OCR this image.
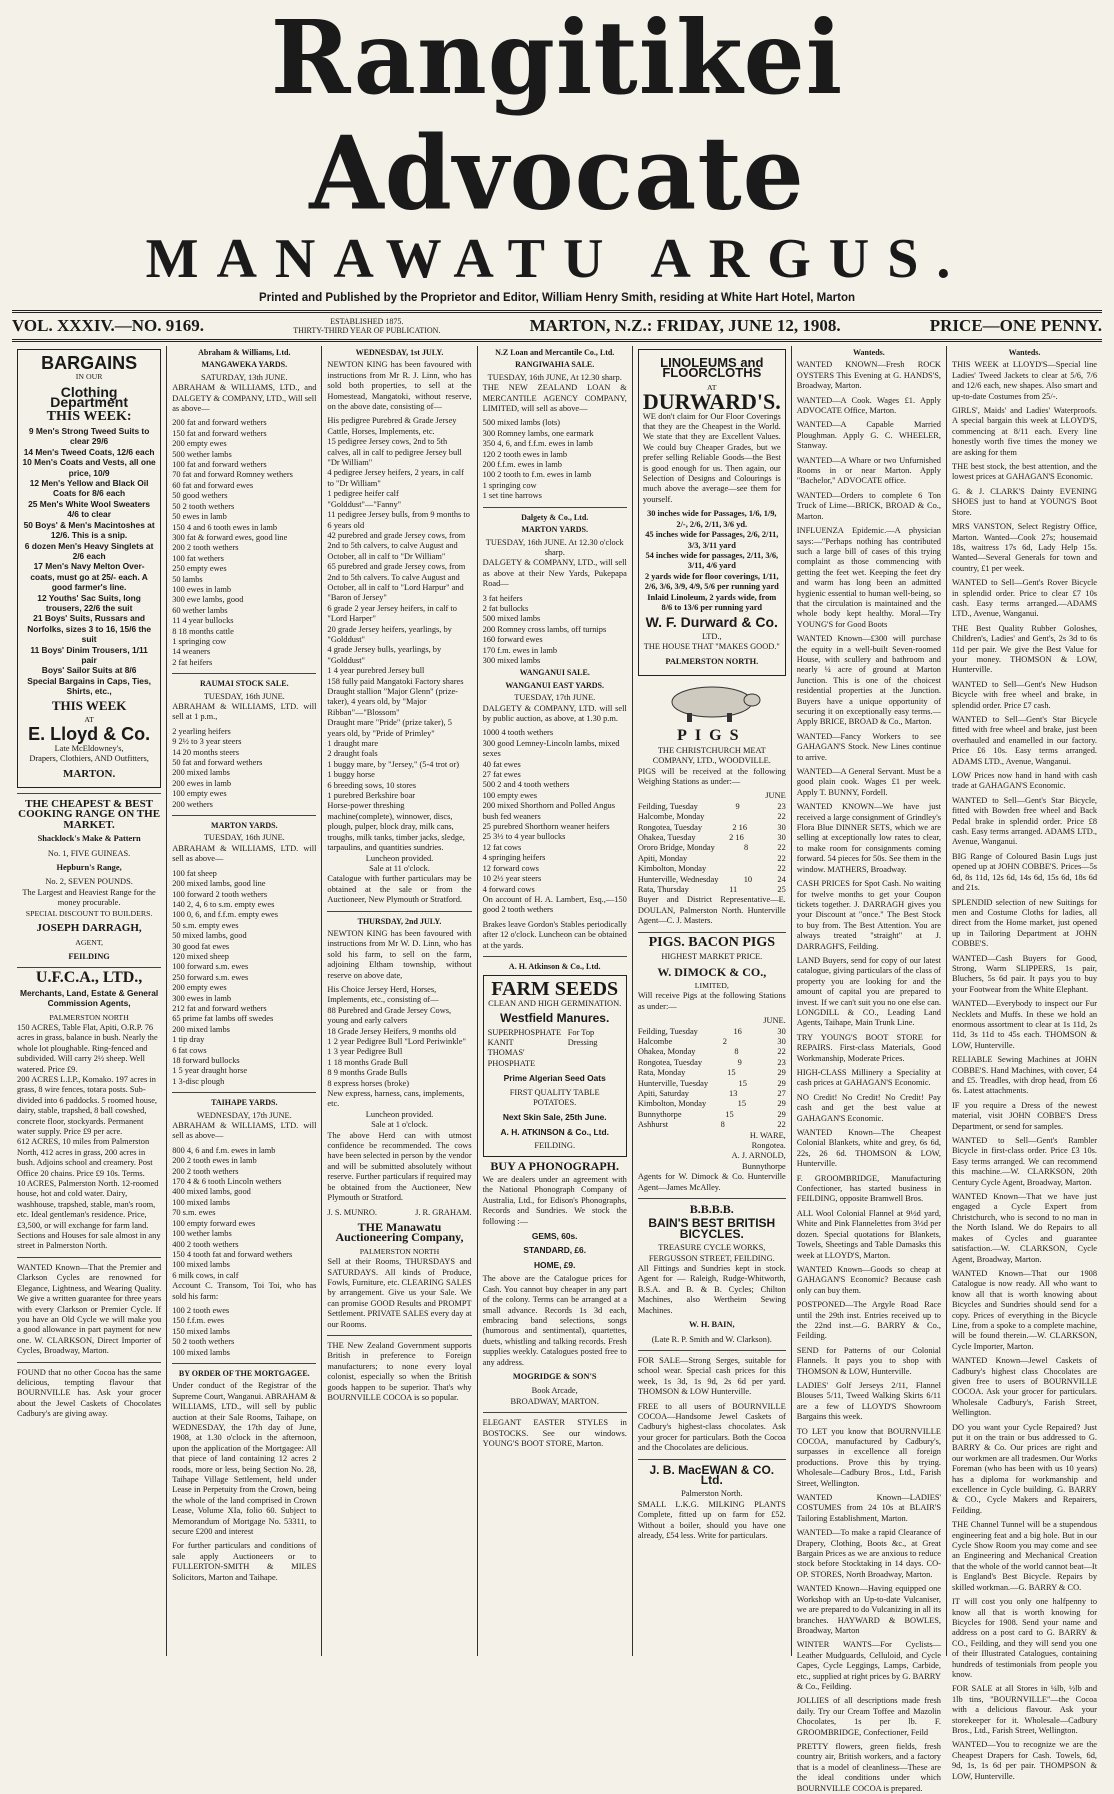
Rangitikei Advocate
MANAWATU ARGUS.
Printed and Published by the Proprietor and Editor, William Henry Smith, residing at White Hart Hotel, Marton
VOL. XXXIV.—NO. 9169.	ESTABLISHED 1875.
THIRTY-THIRD YEAR OF PUBLICATION.	MARTON, N.Z.: FRIDAY, JUNE 12, 1908.	PRICE—ONE PENNY.
BARGAINS
IN OUR
Clothing Department
THIS WEEK:
9 Men's Strong Tweed Suits to clear 29/6
14 Men's Tweed Coats, 12/6 each
10 Men's Coats and Vests, all one price, 10/9
12 Men's Yellow and Black Oil Coats for 8/6 each
25 Men's White Wool Sweaters 4/6 to clear
50 Boys' & Men's Macintoshes at 12/6. This is a snip.
6 dozen Men's Heavy Singlets at 2/6 each
17 Men's Navy Melton Over-coats, must go at 25/- each. A good farmer's line.
12 Youths' Sac Suits, long trousers, 22/6 the suit
21 Boys' Suits, Russars and Norfolks, sizes 3 to 16, 15/6 the suit
11 Boys' Dinim Trousers, 1/11 pair
Boys' Sailor Suits at 8/6
Special Bargains in Caps, Ties, Shirts, etc.,
THIS WEEK
AT
E. Lloyd & Co.
Late McEldowney's,
Drapers, Clothiers, AND Outfitters,
MARTON.
THE CHEAPEST & BEST COOKING RANGE ON THE MARKET.
Shacklock's Make & Pattern
No. 1, FIVE GUINEAS.
Hepburn's Range,
No. 2, SEVEN POUNDS.
The Largest and Heaviest Range for the money procurable.
SPECIAL DISCOUNT TO BUILDERS.
JOSEPH DARRAGH,
AGENT,
FEILDING
U.F.C.A., LTD.,
Merchants, Land, Estate & General Commission Agents,
PALMERSTON NORTH
150 ACRES, Table Flat, Apiti, O.R.P. 76 acres in grass, balance in bush. Nearly the whole lot ploughable. Ring-fenced and subdivided. Will carry 2½ sheep. Well watered. Price £9.
200 ACRES L.I.P., Komako. 197 acres in grass, 8 wire fences, totara posts. Sub-divided into 6 paddocks. 5 roomed house, dairy, stable, trapshed, 8 ball cowshed, concrete floor, stockyards. Permanent water supply. Price £9 per acre.
612 ACRES, 10 miles from Palmerston North, 412 acres in grass, 200 acres in bush. Adjoins school and creamery. Post Office 20 chains. Price £9 10s. Terms.
10 ACRES, Palmerston North. 12-roomed house, hot and cold water. Dairy, washhouse, trapshed, stable, man's room, etc. Ideal gentleman's residence. Price, £3,500, or will exchange for farm land.
Sections and Houses for sale almost in any street in Palmerston North.

WANTED Known—That the Premier and Clarkson Cycles are renowned for Elegance, Lightness, and Wearing Quality. We give a written guarantee for three years with every Clarkson or Premier Cycle. If you have an Old Cycle we will make you a good allowance in part payment for new one. W. CLARKSON, Direct Importer of Cycles, Broadway, Marton.

FOUND that no other Cocoa has the same delicious, tempting flavour that BOURNVILLE has. Ask your grocer about the Jewel Caskets of Chocolates Cadbury's are giving away.

Abraham & Williams, Ltd.
MANGAWEKA YARDS.
SATURDAY, 13th JUNE.

ABRAHAM & WILLIAMS, LTD., and DALGETY & COMPANY, LTD., Will sell as above—

200 fat and forward wethers
150 fat and forward wethers
200 empty ewes
500 wether lambs
100 fat and forward wethers
70 fat and forward Romney wethers
60 fat and forward ewes
50 good wethers
50 2 tooth wethers
50 ewes in lamb
150 4 and 6 tooth ewes in lamb
300 fat & forward ewes, good line
200 2 tooth wethers
100 fat wethers
250 empty ewes
50 lambs
100 ewes in lamb
300 ewe lambs, good
60 wether lambs
11 4 year bullocks
8 18 months cattle
1 springing cow
14 weaners
2 fat heifers
RAUMAI STOCK SALE.
TUESDAY, 16th JUNE.

ABRAHAM & WILLIAMS, LTD. will sell at 1 p.m.,

2 yearling heifers
9 2½ to 3 year steers
14 20 months steers
50 fat and forward wethers
200 mixed lambs
200 ewes in lamb
100 empty ewes
200 wethers
MARTON YARDS.
TUESDAY, 16th JUNE.

ABRAHAM & WILLIAMS, LTD. will sell as above—

100 fat sheep
200 mixed lambs, good line
100 forward 2 tooth wethers
140 2, 4, 6 to s.m. empty ewes
100 0, 6, and f.f.m. empty ewes
50 s.m. empty ewes
50 mixed lambs, good
30 good fat ewes
120 mixed sheep
100 forward s.m. ewes
250 forward s.m. ewes
200 empty ewes
300 ewes in lamb
212 fat and forward wethers
65 prime fat lambs off swedes
200 mixed lambs
1 tip dray
6 fat cows
18 forward bullocks
1 5 year draught horse
1 3-disc plough
TAIHAPE YARDS.
WEDNESDAY, 17th JUNE.

ABRAHAM & WILLIAMS, LTD. will sell as above—

800 4, 6 and f.m. ewes in lamb
200 2 tooth ewes in lamb
200 2 tooth wethers
170 4 & 6 tooth Lincoln wethers
400 mixed lambs, good
100 mixed lambs
70 s.m. ewes
100 empty forward ewes
100 wether lambs
400 2 tooth wethers
150 4 tooth fat and forward wethers
100 mixed lambs
6 milk cows, in calf

Account C. Transom, Toi Toi, who has sold his farm:

100 2 tooth ewes
150 f.f.m. ewes
150 mixed lambs
50 2 tooth wethers
100 mixed lambs
BY ORDER OF THE MORTGAGEE.

Under conduct of the Registrar of the Supreme Court, Wanganui. ABRAHAM & WILLIAMS, LTD., will sell by public auction at their Sale Rooms, Taihape, on WEDNESDAY, the 17th day of June, 1908, at 1.30 o'clock in the afternoon, upon the application of the Mortgagee: All that piece of land containing 12 acres 2 roods, more or less, being Section No. 28, Taihape Village Settlement, held under Lease in Perpetuity from the Crown, being the whole of the land comprised in Crown Lease, Volume XIa, folio 60. Subject to Memorandum of Mortgage No. 53311, to secure £200 and interest

For further particulars and conditions of sale apply Auctioneers or to FULLERTON-SMITH & MILES Solicitors, Marton and Taihape.

WEDNESDAY, 1st JULY.

NEWTON KING has been favoured with instructions from Mr R. J. Linn, who has sold both properties, to sell at the Homestead, Mangatoki, without reserve, on the above date, consisting of—

His pedigree Purebred & Grade Jersey Cattle, Horses, Implements, etc.
15 pedigree Jersey cows, 2nd to 5th calves, all in calf to pedigree Jersey bull "Dr William"
4 pedigree Jersey heifers, 2 years, in calf to "Dr William"
1 pedigree heifer calf "Golddust"—"Fanny"
11 pedigree Jersey bulls, from 9 months to 6 years old
42 purebred and grade Jersey cows, from 2nd to 5th calvers, to calve August and October, all in calf to "Dr William"
65 purebred and grade Jersey cows, from 2nd to 5th calvers. To calve August and October, all in calf to "Lord Harpur" and "Baron of Jersey"
6 grade 2 year Jersey heifers, in calf to "Lord Harper"
20 grade Jersey heifers, yearlings, by "Golddust"
4 grade Jersey bulls, yearlings, by "Golddust"
1 4 year purebred Jersey bull
158 fully paid Mangatoki Factory shares
Draught stallion "Major Glenn" (prize-taker), 4 years old, by "Major Ribban"—"Blossom"
Draught mare "Pride" (prize taker), 5 years old, by "Pride of Primley"
1 draught mare
2 draught foals
1 buggy mare, by "Jersey," (5-4 trot or)
1 buggy horse
6 breeding sows, 10 stores
1 purebred Berkshire boar
Horse-power threshing machine(complete), winnower, discs, plough, pulper, block dray, milk cans, troughs, milk tanks, timber jacks, sledge, tarpaulins, and quantities sundries.
Luncheon provided.
Sale at 11 o'clock.

Catalogue with further particulars may be obtained at the sale or from the Auctioneer, New Plymouth or Stratford.

THURSDAY, 2nd JULY.

NEWTON KING has been favoured with instructions from Mr W. D. Linn, who has sold his farm, to sell on the farm, adjoining Eltham township, without reserve on above date,

His Choice Jersey Herd, Horses, Implements, etc., consisting of—
88 Purebred and Grade Jersey Cows, young and early calvers
18 Grade Jersey Heifers, 9 months old
1 2 year Pedigree Bull "Lord Periwinkle"
1 3 year Pedigree Bull
1 18 months Grade Bull
8 9 months Grade Bulls
8 express horses (broke)
New express, harness, cans, implements, etc.
Luncheon provided.
Sale at 1 o'clock.

The above Herd can with utmost confidence be recommended. The cows have been selected in person by the vendor and will be submitted absolutely without reserve. Further particulars if required may be obtained from the Auctioneer, New Plymouth or Stratford.

J. S. MUNRO.	J. R. GRAHAM.
THE Manawatu Auctioneering Company,
PALMERSTON NORTH

Sell at their Rooms, THURSDAYS and SATURDAYS. All kinds of Produce, Fowls, Furniture, etc. CLEARING SALES by arrangement. Give us your Sale. We can promise GOOD Results and PROMPT Settlement. PRIVATE SALES every day at our Rooms.

THE New Zealand Government supports British in preference to Foreign manufacturers; to none every loyal colonist, especially so when the British goods happen to be superior. That's why BOURNVILLE COCOA is so popular.

N.Z Loan and Mercantile Co., Ltd.
RANGIWAHIA SALE.
TUESDAY, 16th JUNE, At 12.30 sharp.

THE NEW ZEALAND LOAN & MERCANTILE AGENCY COMPANY, LIMITED, will sell as above—

500 mixed lambs (lots)
300 Romney lambs, one earmark
350 4, 6, and f.f.m. ewes in lamb
120 2 tooth ewes in lamb
200 f.f.m. ewes in lamb
100 2 tooth to f.m. ewes in lamb
1 springing cow
1 set tine harrows
Dalgety & Co., Ltd.
MARTON YARDS.
TUESDAY, 16th JUNE. At 12.30 o'clock sharp.

DALGETY & COMPANY, LTD., will sell as above at their New Yards, Pukepapa Road—

3 fat heifers
2 fat bullocks
500 mixed lambs
200 Romney cross lambs, off turnips
160 forward ewes
170 f.m. ewes in lamb
300 mixed lambs
WANGANUI SALE.
WANGANUI EAST YARDS.
TUESDAY, 17th JUNE.

DALGETY & COMPANY, LTD. will sell by public auction, as above, at 1.30 p.m.

1000 4 tooth wethers
300 good Lemney-Lincoln lambs, mixed sexes
40 fat ewes
27 fat ewes
500 2 and 4 tooth wethers
100 empty ewes
200 mixed Shorthorn and Polled Angus bush fed weaners
25 purebred Shorthorn weaner heifers
25 3½ to 4 year bullocks
12 fat cows
4 springing heifers
12 forward cows
10 2½ year steers
4 forward cows

On account of H. A. Lambert, Esq.,—150 good 2 tooth wethers

Brakes leave Gordon's Stables periodically after 12 o'clock. Luncheon can be obtained at the yards.

A. H. Atkinson & Co., Ltd.
FARM SEEDS
CLEAN AND HIGH GERMINATION.
Westfield Manures.
SUPERPHOSPHATE
KANIT
THOMAS' PHOSPHATE
For Top Dressing
Prime Algerian Seed Oats
FIRST QUALITY TABLE POTATOES.
Next Skin Sale, 25th June.
A. H. ATKINSON & Co., Ltd.
FEILDING.
BUY A PHONOGRAPH.

We are dealers under an agreement with the National Phonograph Company of Australia, Ltd., for Edison's Phonographs, Records and Sundries. We stock the following :—

GEMS, 60s.
STANDARD, £6.
HOME, £9.

The above are the Catalogue prices for Cash. You cannot buy cheaper in any part of the colony. Terms can be arranged at a small advance. Records 1s 3d each, embracing band selections, songs (humorous and sentimental), quartettes, duets, whistling and talking records. Fresh supplies weekly. Catalogues posted free to any address.

MOGRIDGE & SON'S
Book Arcade,
BROADWAY, MARTON.

ELEGANT EASTER STYLES in BOSTOCKS. See our windows. YOUNG'S BOOT STORE, Marton.

LINOLEUMS and FLOORCLOTHS
AT
DURWARD'S.

WE don't claim for Our Floor Coverings that they are the Cheapest in the World. We state that they are Excellent Values. We could buy Cheaper Grades, but we prefer selling Reliable Goods—the Best is good enough for us. Then again, our Selection of Designs and Colourings is much above the average—see them for yourself.

30 inches wide for Passages, 1/6, 1/9, 2/-, 2/6, 2/11, 3/6 yd.
45 inches wide for Passages, 2/6, 2/11, 3/3, 3/11 yard
54 inches wide for passages, 2/11, 3/6, 3/11, 4/6 yard
2 yards wide for floor coverings, 1/11, 2/6, 3/6, 3/9, 4/9, 5/6 per running yard
Inlaid Linoleum, 2 yards wide, from 8/6 to 13/6 per running yard
W. F. Durward & Co.
LTD.,
THE HOUSE THAT "MAKES GOOD."
PALMERSTON NORTH.
PIGS
THE CHRISTCHURCH MEAT COMPANY, LTD., WOODVILLE.

PIGS will be received at the following Weighing Stations as under:—

JUNE
Feilding, Tuesday	9	23
Halcombe, Monday	22
Rongotea, Tuesday	2 16	30
Ohakea, Tuesday	2 16	30
Ororo Bridge, Monday	8	22
Apiti, Monday	22
Kimbolton, Monday	22
Hunterville, Wednesday	10	24
Rata, Thursday	11	25

Buyer and District Representative—E. DOULAN, Palmerston North. Hunterville Agent—C. J. Masters.

PIGS. BACON PIGS
HIGHEST MARKET PRICE.
W. DIMOCK & CO.,
LIMITED,

Will receive Pigs at the following Stations as under:—

JUNE.
Feilding, Tuesday	16	30
Halcombe	2	30
Ohakea, Monday	8	22
Rongotea, Tuesday	9	23
Rata, Monday	15	29
Hunterville, Tuesday	15	29
Apiti, Saturday	13	27
Kimbolton, Monday	15	29
Bunnythorpe	15	29
Ashhurst	8	22
H. WARE,
Rongotea.
A. J. ARNOLD,
Bunnythorpe

Agents for W. Dimock & Co. Hunterville Agent—James McAlley.

B.B.B.B.
BAIN'S BEST BRITISH BICYCLES.
TREASURE CYCLE WORKS, FERGUSSON STREET, FEILDING.

All Fittings and Sundries kept in stock. Agent for — Raleigh, Rudge-Whitworth, B.S.A. and B. & B. Cycles; Chilton Machines, also Wertheim Sewing Machines.

W. H. BAIN,
(Late R. P. Smith and W. Clarkson).

FOR SALE—Strong Serges, suitable for school wear. Special cash prices for this week, 1s 3d, 1s 9d, 2s 6d per yard. THOMSON & LOW Hunterville.

FREE to all users of BOURNVILLE COCOA—Handsome Jewel Caskets of Cadbury's highest-class chocolates. Ask your grocer for particulars. Both the Cocoa and the Chocolates are delicious.

J. B. MacEWAN & CO. Ltd.
Palmerston North.

SMALL L.K.G. MILKING PLANTS Complete, fitted up on farm for £52. Without a boiler, should you have one already, £54 less. Write for particulars.

Wanteds.

WANTED KNOWN—Fresh ROCK OYSTERS This Evening at G. HANDS'S, Broadway, Marton.

WANTED—A Cook. Wages £1. Apply ADVOCATE Office, Marton.

WANTED—A Capable Married Ploughman. Apply G. C. WHEELER, Stanway.

WANTED—A Whare or two Unfurnished Rooms in or near Marton. Apply "Bachelor," ADVOCATE office.

WANTED—Orders to complete 6 Ton Truck of Lime—BRICK, BROAD & Co., Marton.

INFLUENZA Epidemic.—A physician says:—"Perhaps nothing has contributed such a large bill of cases of this trying complaint as those commencing with getting the feet wet. Keeping the feet dry and warm has long been an admitted hygienic essential to human well-being, so that the circulation is maintained and the whole body kept healthy. Moral—Try YOUNG'S for Good Boots

WANTED Known—£300 will purchase the equity in a well-built Seven-roomed House, with scullery and bathroom and nearly ¼ acre of ground at Marton Junction. This is one of the choicest residential properties at the Junction. Buyers have a unique opportunity of securing it on exceptionally easy terms.—Apply BRICE, BROAD & Co., Marton.

WANTED—Fancy Workers to see GAHAGAN'S Stock. New Lines continue to arrive.

WANTED—A General Servant. Must be a good plain cook. Wages £1 per week. Apply T. BUNNY, Fordell.

WANTED KNOWN—We have just received a large consignment of Grindley's Flora Blue DINNER SETS, which we are selling at exceptionally low rates to clear, to make room for consignments coming forward. 54 pieces for 50s. See them in the window. MATHERS, Broadway.

CASH PRICES for Spot Cash. No waiting for twelve months to get your Coupon tickets together. J. DARRAGH gives you your Discount at "once." The Best Stock to buy from. The Best Attention. You are always treated "straight" at J. DARRAGH'S, Feilding.

LAND Buyers, send for copy of our latest catalogue, giving particulars of the class of property you are looking for and the amount of capital you are prepared to invest. If we can't suit you no one else can. LONGDILL & CO., Leading Land Agents, Taihape, Main Trunk Line.

TRY YOUNG'S BOOT STORE for REPAIRS. First-class Materials, Good Workmanship, Moderate Prices.

HIGH-CLASS Millinery a Speciality at cash prices at GAHAGAN'S Economic.

NO Credit! No Credit! No Credit! Pay cash and get the best value at GAHAGAN'S Economic.

WANTED Known—The Cheapest Colonial Blankets, white and grey, 6s 6d, 22s, 26 6d. THOMSON & LOW, Hunterville.

F. GROOMBRIDGE, Manufacturing Confectioner, has started business in FEILDING, opposite Bramwell Bros.

ALL Wool Colonial Flannel at 9½d yard, White and Pink Flannelettes from 3½d per dozen. Special quotations for Blankets, Towels, Sheetings and Table Damasks this week at LLOYD'S, Marton.

WANTED Known—Goods so cheap at GAHAGAN'S Economic? Because cash only can buy them.

POSTPONED—The Argyle Road Race until the 29th inst. Entries received up to the 22nd inst.—G. BARRY & Co., Feilding.

SEND for Patterns of our Colonial Flannels. It pays you to shop with THOMSON & LOW, Hunterville.

LADIES' Golf Jerseys 2/11, Flannel Blouses 5/11, Tweed Walking Skirts 6/11 are a few of LLOYD'S Showroom Bargains this week.

TO LET you know that BOURNVILLE COCOA, manufactured by Cadbury's, surpasses in excellence all foreign productions. Prove this by trying. Wholesale—Cadbury Bros., Ltd., Farish Street, Wellington.

WANTED Known—LADIES' COSTUMES from 24 10s at BLAIR'S Tailoring Establishment, Marton.

WANTED—To make a rapid Clearance of Drapery, Clothing, Boots &c., at Great Bargain Prices as we are anxious to reduce stock before Stocktaking in 14 days. CO-OP. STORES, North Broadway, Marton.

WANTED Known—Having equipped one Workshop with an Up-to-date Vulcaniser, we are prepared to do Vulcanizing in all its branches. HAYWARD & BOWLES, Broadway, Marton

WINTER WANTS—For Cyclists—Leather Mudguards, Celluloid, and Cycle Capes, Cycle Leggings, Lamps, Carbide, etc., supplied at right prices by G. BARRY & Co., Feilding.

JOLLIES of all descriptions made fresh daily. Try our Cream Toffee and Mazolin Chocolates, 1s per lb. F. GROOMBRIDGE, Confectioner, Feild

PRETTY flowers, green fields, fresh country air, British workers, and a factory that is a model of cleanliness—These are the ideal conditions under which BOURNVILLE COCOA is prepared.

Wanteds.

THIS WEEK at LLOYD'S—Special line Ladies' Tweed Jackets to clear at 5/6, 7/6 and 12/6 each, new shapes. Also smart and up-to-date Costumes from 25/-.

GIRLS', Maids' and Ladies' Waterproofs. A special bargain this week at LLOYD'S, commencing at 8/11 each. Every line honestly worth five times the money we are asking for them

THE best stock, the best attention, and the lowest prices at GAHAGAN'S Economic.

G. & J. CLARK'S Dainty EVENING SHOES just to hand at YOUNG'S Boot Store.

MRS VANSTON, Select Registry Office, Marton. Wanted—Cook 27s; housemaid 18s, waitress 17s 6d, Lady Help 15s. Wanted—Several Generals for town and country, £1 per week.

WANTED to Sell—Gent's Rover Bicycle in splendid order. Price to clear £7 10s cash. Easy terms arranged.—ADAMS LTD., Avenue, Wanganui.

THE Best Quality Rubber Goloshes, Children's, Ladies' and Gent's, 2s 3d to 6s 11d per pair. We give the Best Value for your money. THOMSON & LOW, Hunterville.

WANTED to Sell—Gent's New Hudson Bicycle with free wheel and brake, in splendid order. Price £7 cash.

WANTED to Sell—Gent's Star Bicycle fitted with free wheel and brake, just been overhauled and enamelled in our factory. Price £6 10s. Easy terms arranged. ADAMS LTD., Avenue, Wanganui.

LOW Prices now hand in hand with cash trade at GAHAGAN'S Economic.

WANTED to Sell—Gent's Star Bicycle, fitted with Bowden free wheel and Back Pedal brake in splendid order. Price £8 cash. Easy terms arranged. ADAMS LTD., Avenue, Wanganui.

BIG Range of Coloured Basin Lugs just opened up at JOHN COBBE'S. Prices—5s 6d, 8s 11d, 12s 6d, 14s 6d, 15s 6d, 18s 6d and 21s.

SPLENDID selection of new Suitings for men and Costume Cloths for ladies, all direct from the Home market, just opened up in Tailoring Department at JOHN COBBE'S.

WANTED—Cash Buyers for Good, Strong, Warm SLIPPERS, 1s pair, Bluchers, 5s 6d pair. It pays you to buy your Footwear from the White Elephant.

WANTED—Everybody to inspect our Fur Necklets and Muffs. In these we hold an enormous assortment to clear at 1s 11d, 2s 11d, 3s 11d to 45s each. THOMSON & LOW, Hunterville.

RELIABLE Sewing Machines at JOHN COBBE'S. Hand Machines, with cover, £4 and £5. Treadles, with drop head, from £6 6s. Latest attachments.

IF you require a Dress of the newest material, visit JOHN COBBE'S Dress Department, or send for samples.

WANTED to Sell—Gent's Rambler Bicycle in first-class order. Price £3 10s. Easy terms arranged. We can recommend this machine.—W. CLARKSON, 20th Century Cycle Agent, Broadway, Marton.

WANTED Known—That we have just engaged a Cycle Expert from Christchurch, who is second to no man in the North Island. We do Repairs to all makes of Cycles and guarantee satisfaction.—W. CLARKSON, Cycle Agent, Broadway, Marton.

WANTED Known—That our 1908 Catalogue is now ready. All who want to know all that is worth knowing about Bicycles and Sundries should send for a copy. Prices of everything in the Bicycle Line, from a spoke to a complete machine, will be found therein.—W. CLARKSON, Cycle Importer, Marton.

WANTED Known—Jewel Caskets of Cadbury's highest class Chocolates are given free to users of BOURNVILLE COCOA. Ask your grocer for particulars. Wholesale Cadbury's, Farish Street, Wellington.

DO you want your Cycle Repaired? Just put it on the train or bus addressed to G. BARRY & Co. Our prices are right and our workmen are all tradesmen. Our Works Foreman (who has been with us 10 years) has a diploma for workmanship and excellence in Cycle building. G. BARRY & CO., Cycle Makers and Repairers, Feilding.

THE Channel Tunnel will be a stupendous engineering feat and a big hole. But in our Cycle Show Room you may come and see an Engineering and Mechanical Creation that the whole of the world cannot beat—It is England's Best Bicycle. Repairs by skilled workman.—G. BARRY & CO.

IT will cost you only one halfpenny to know all that is worth knowing for Bicycles for 1908. Send your name and address on a post card to G. BARRY & CO., Feilding, and they will send you one of their Illustrated Catalogues, containing hundreds of testimonials from people you know.

FOR SALE at all Stores in ¼lb, ½lb and 1lb tins, "BOURNVILLE"—the Cocoa with a delicious flavour. Ask your storekeeper for it. Wholesale—Cadbury Bros., Ltd., Farish Street, Wellington.

WANTED—You to recognize we are the Cheapest Drapers for Cash. Towels, 6d, 9d, 1s, 1s 6d per pair. THOMPSON & LOW, Hunterville.
